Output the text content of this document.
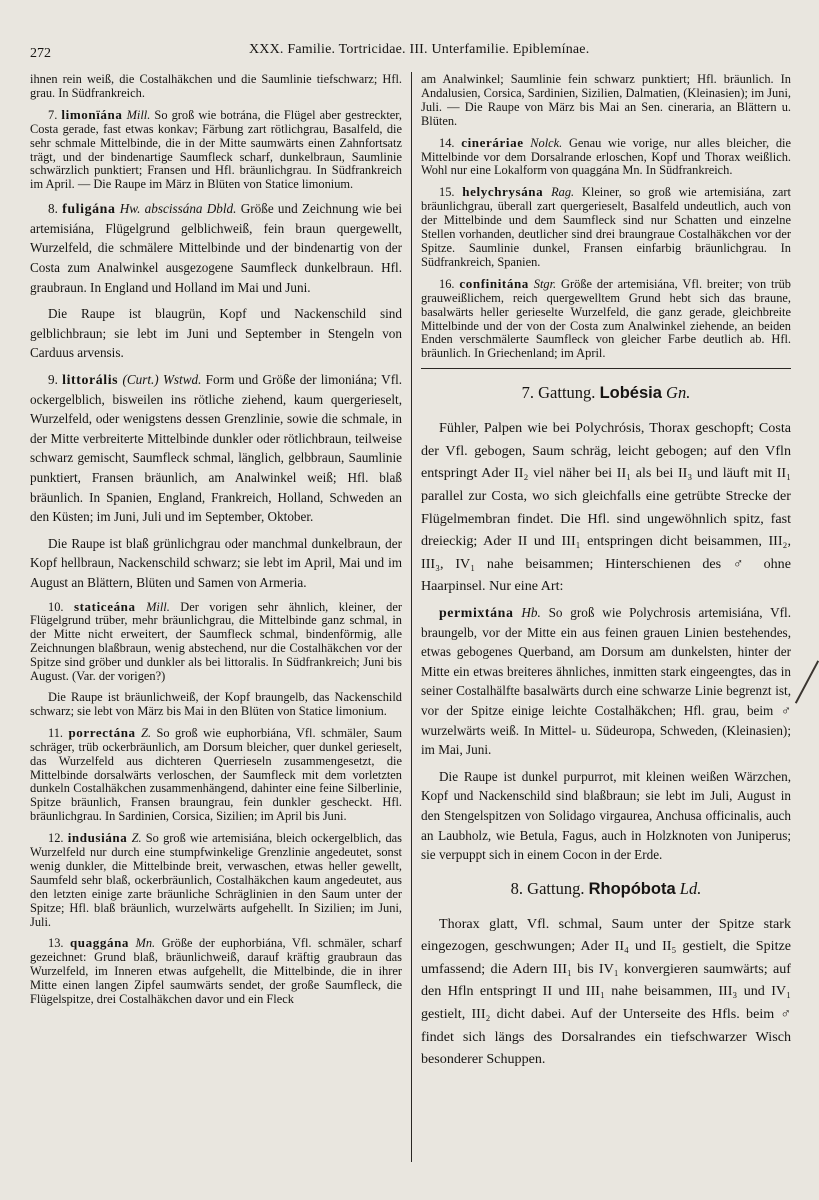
272	XXX. Familie. Tortricidae. III. Unterfamilie. Epiblemínae.

ihnen rein weiß, die Costalhäkchen und die Saumlinie tiefschwarz; Hfl. grau. In Südfrankreich.

7. limonïána Mill. So groß wie botrána, die Flügel aber gestreckter, Costa gerade, fast etwas konkav; Färbung zart rötlichgrau, Basalfeld, die sehr schmale Mittelbinde, die in der Mitte saumwärts einen Zahnfortsatz trägt, und der bindenartige Saumfleck scharf, dunkelbraun, Saumlinie schwärzlich punktiert; Fransen und Hfl. bräunlichgrau. In Südfrankreich im April. — Die Raupe im März in Blüten von Statice limonium.

8. fuligána Hw. abscissána Dbld. Größe und Zeichnung wie bei artemisiána, Flügelgrund gelblichweiß, fein braun quergewellt, Wurzelfeld, die schmälere Mittelbinde und der bindenartig von der Costa zum Analwinkel ausgezogene Saumfleck dunkelbraun. Hfl. graubraun. In England und Holland im Mai und Juni.

Die Raupe ist blaugrün, Kopf und Nackenschild sind gelblichbraun; sie lebt im Juni und September in Stengeln von Carduus arvensis.

9. littorális (Curt.) Wstwd. Form und Größe der limoniána; Vfl. ockergelblich, bisweilen ins rötliche ziehend, kaum quergerieselt, Wurzelfeld, oder wenigstens dessen Grenzlinie, sowie die schmale, in der Mitte verbreiterte Mittelbinde dunkler oder rötlichbraun, teilweise schwarz gemischt, Saumfleck schmal, länglich, gelbbraun, Saumlinie punktiert, Fransen bräunlich, am Analwinkel weiß; Hfl. blaß bräunlich. In Spanien, England, Frankreich, Holland, Schweden an den Küsten; im Juni, Juli und im September, Oktober.

Die Raupe ist blaß grünlichgrau oder manchmal dunkelbraun, der Kopf hellbraun, Nackenschild schwarz; sie lebt im April, Mai und im August an Blättern, Blüten und Samen von Armeria.

10. staticeána Mill. Der vorigen sehr ähnlich, kleiner, der Flügelgrund trüber, mehr bräunlichgrau, die Mittelbinde ganz schmal, in der Mitte nicht erweitert, der Saumfleck schmal, bindenförmig, alle Zeichnungen blaßbraun, wenig abstechend, nur die Costalhäkchen vor der Spitze sind gröber und dunkler als bei littoralis. In Südfrankreich; Juni bis August. (Var. der vorigen?)

Die Raupe ist bräunlichweiß, der Kopf braungelb, das Nackenschild schwarz; sie lebt von März bis Mai in den Blüten von Statice limonium.

11. porrectána Z. So groß wie euphorbiána, Vfl. schmäler, Saum schräger, trüb ockerbräunlich, am Dorsum bleicher, quer dunkel gerieselt, das Wurzelfeld aus dichteren Querrieseln zusammengesetzt, die Mittelbinde dorsalwärts verloschen, der Saumfleck mit dem vorletzten dunkeln Costalhäkchen zusammenhängend, dahinter eine feine Silberlinie, Spitze bräunlich, Fransen braungrau, fein dunkler gescheckt. Hfl. bräunlichgrau. In Sardinien, Corsica, Sizilien; im April bis Juni.

12. indusiána Z. So groß wie artemisiána, bleich ockergelblich, das Wurzelfeld nur durch eine stumpfwinkelige Grenzlinie angedeutet, sonst wenig dunkler, die Mittelbinde breit, verwaschen, etwas heller gewellt, Saumfeld sehr blaß, ockerbräunlich, Costalhäkchen kaum angedeutet, aus den letzten einige zarte bräunliche Schräglinien in den Saum unter der Spitze; Hfl. blaß bräunlich, wurzelwärts aufgehellt. In Sizilien; im Juni, Juli.

13. quaggána Mn. Größe der euphorbiána, Vfl. schmäler, scharf gezeichnet: Grund blaß, bräunlichweiß, darauf kräftig graubraun das Wurzelfeld, im Inneren etwas aufgehellt, die Mittelbinde, die in ihrer Mitte einen langen Zipfel saumwärts sendet, der große Saumfleck, die Flügelspitze, drei Costalhäkchen davor und ein Fleck

am Analwinkel; Saumlinie fein schwarz punktiert; Hfl. bräunlich. In Andalusien, Corsica, Sardinien, Sizilien, Dalmatien, (Kleinasien); im Juni, Juli. — Die Raupe von März bis Mai an Sen. cineraria, an Blättern u. Blüten.

14. cineráriae Nolck. Genau wie vorige, nur alles bleicher, die Mittelbinde vor dem Dorsalrande erloschen, Kopf und Thorax weißlich. Wohl nur eine Lokalform von quaggána Mn. In Südfrankreich.

15. helychrysána Rag. Kleiner, so groß wie artemisiána, zart bräunlichgrau, überall zart quergerieselt, Basalfeld undeutlich, auch von der Mittelbinde und dem Saumfleck sind nur Schatten und einzelne Stellen vorhanden, deutlicher sind drei braungraue Costalhäkchen vor der Spitze. Saumlinie dunkel, Fransen einfarbig bräunlichgrau. In Südfrankreich, Spanien.

16. confinitána Stgr. Größe der artemisiána, Vfl. breiter; von trüb grauweißlichem, reich quergewelltem Grund hebt sich das braune, basalwärts heller gerieselte Wurzelfeld, die ganz gerade, gleichbreite Mittelbinde und der von der Costa zum Analwinkel ziehende, an beiden Enden verschmälerte Saumfleck von gleicher Farbe deutlich ab. Hfl. bräunlich. In Griechenland; im April.

7. Gattung. Lobésia Gn.

Fühler, Palpen wie bei Polychrósis, Thorax geschopft; Costa der Vfl. gebogen, Saum schräg, leicht gebogen; auf den Vfln entspringt Ader II₂ viel näher bei II₁ als bei II₃ und läuft mit II₁ parallel zur Costa, wo sich gleichfalls eine getrübte Strecke der Flügelmembran findet. Die Hfl. sind ungewöhnlich spitz, fast dreieckig; Ader II und III₁ entspringen dicht beisammen, III₂, III₃, IV₁ nahe beisammen; Hinterschienen des ♂ ohne Haarpinsel. Nur eine Art:

permixtána Hb. So groß wie Polychrosis artemisiána, Vfl. braungelb, vor der Mitte ein aus feinen grauen Linien bestehendes, etwas gebogenes Querband, am Dorsum am dunkelsten, hinter der Mitte ein etwas breiteres ähnliches, inmitten stark eingeengtes, das in seiner Costalhälfte basalwärts durch eine schwarze Linie begrenzt ist, vor der Spitze einige leichte Costalhäkchen; Hfl. grau, beim ♂ wurzelwärts weiß. In Mittel- u. Südeuropa, Schweden, (Kleinasien); im Mai, Juni.

Die Raupe ist dunkel purpurrot, mit kleinen weißen Wärzchen, Kopf und Nackenschild sind blaßbraun; sie lebt im Juli, August in den Stengelspitzen von Solidago virgaurea, Anchusa officinalis, auch an Laubholz, wie Betula, Fagus, auch in Holzknoten von Juniperus; sie verpuppt sich in einem Cocon in der Erde.

8. Gattung. Rhopóbota Ld.

Thorax glatt, Vfl. schmal, Saum unter der Spitze stark eingezogen, geschwungen; Ader II₄ und II₅ gestielt, die Spitze umfassend; die Adern III₁ bis IV₁ konvergieren saumwärts; auf den Hfln entspringt II und III₁ nahe beisammen, III₃ und IV₁ gestielt, III₂ dicht dabei. Auf der Unterseite des Hfls. beim ♂ findet sich längs des Dorsalrandes ein tiefschwarzer Wisch besonderer Schuppen.
